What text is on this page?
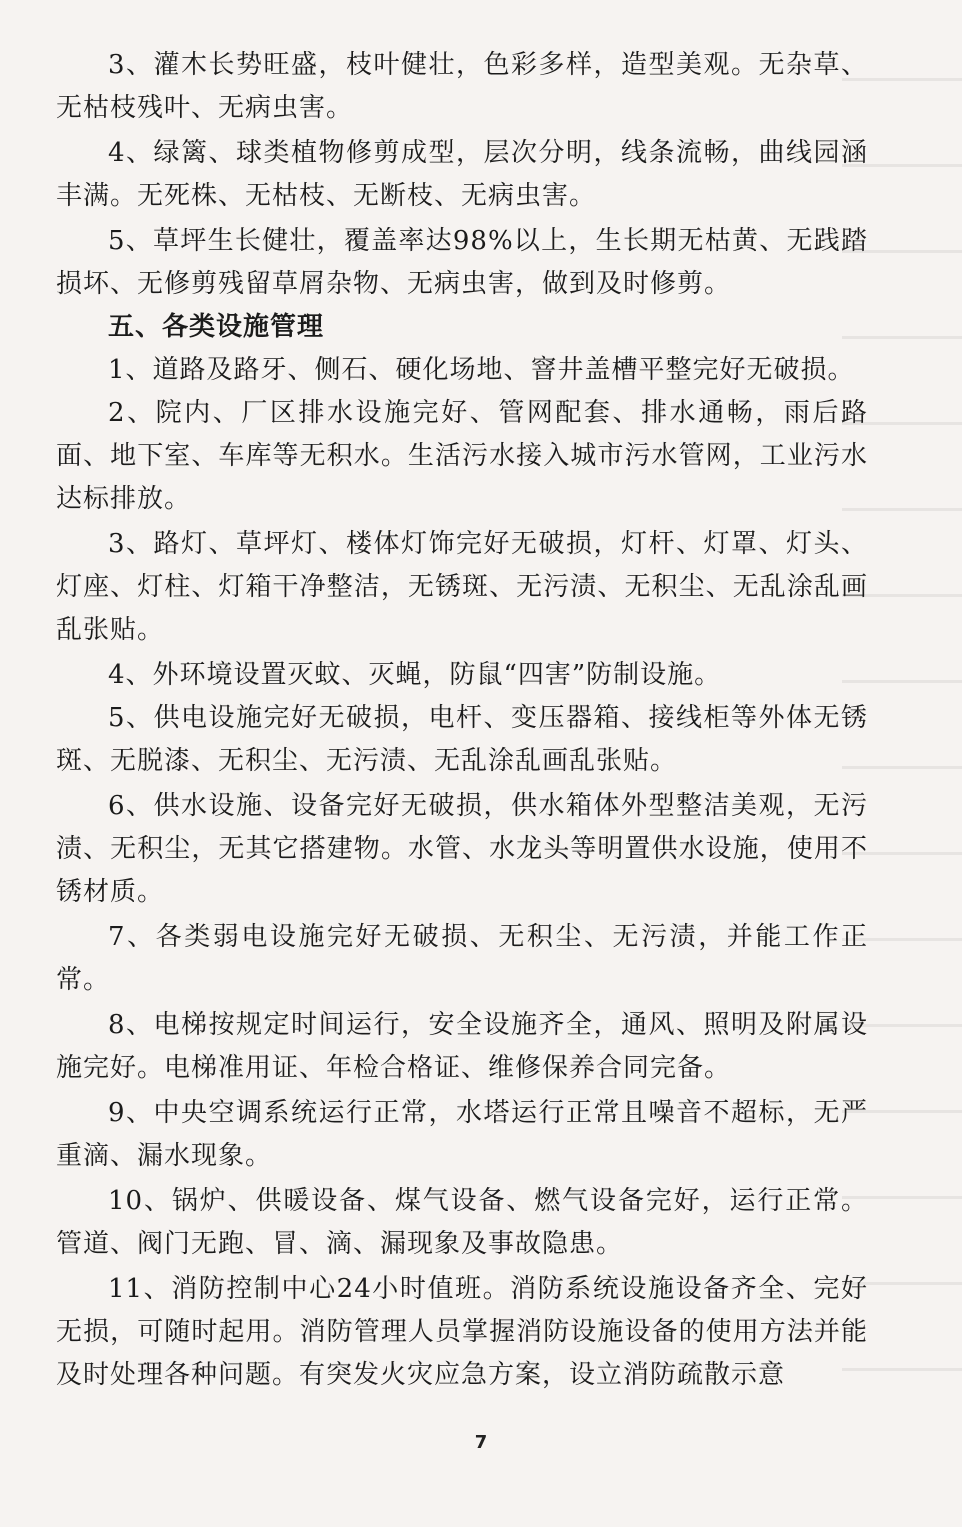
3、灌木长势旺盛，枝叶健壮，色彩多样，造型美观。无杂草、无枯枝残叶、无病虫害。

4、绿篱、球类植物修剪成型，层次分明，线条流畅，曲线园涵丰满。无死株、无枯枝、无断枝、无病虫害。

5、草坪生长健壮，覆盖率达98%以上，生长期无枯黄、无践踏损坏、无修剪残留草屑杂物、无病虫害，做到及时修剪。

五、各类设施管理

1、道路及路牙、侧石、硬化场地、窨井盖槽平整完好无破损。

2、院内、厂区排水设施完好、管网配套、排水通畅，雨后路面、地下室、车库等无积水。生活污水接入城市污水管网，工业污水达标排放。

3、路灯、草坪灯、楼体灯饰完好无破损，灯杆、灯罩、灯头、灯座、灯柱、灯箱干净整洁，无锈斑、无污渍、无积尘、无乱涂乱画乱张贴。

4、外环境设置灭蚊、灭蝇，防鼠“四害”防制设施。

5、供电设施完好无破损，电杆、变压器箱、接线柜等外体无锈斑、无脱漆、无积尘、无污渍、无乱涂乱画乱张贴。

6、供水设施、设备完好无破损，供水箱体外型整洁美观，无污渍、无积尘，无其它搭建物。水管、水龙头等明置供水设施，使用不锈材质。

7、各类弱电设施完好无破损、无积尘、无污渍，并能工作正常。

8、电梯按规定时间运行，安全设施齐全，通风、照明及附属设施完好。电梯准用证、年检合格证、维修保养合同完备。

9、中央空调系统运行正常，水塔运行正常且噪音不超标，无严重滴、漏水现象。

10、锅炉、供暖设备、煤气设备、燃气设备完好，运行正常。管道、阀门无跑、冒、滴、漏现象及事故隐患。

11、消防控制中心24小时值班。消防系统设施设备齐全、完好无损，可随时起用。消防管理人员掌握消防设施设备的使用方法并能及时处理各种问题。有突发火灾应急方案，设立消防疏散示意

7
